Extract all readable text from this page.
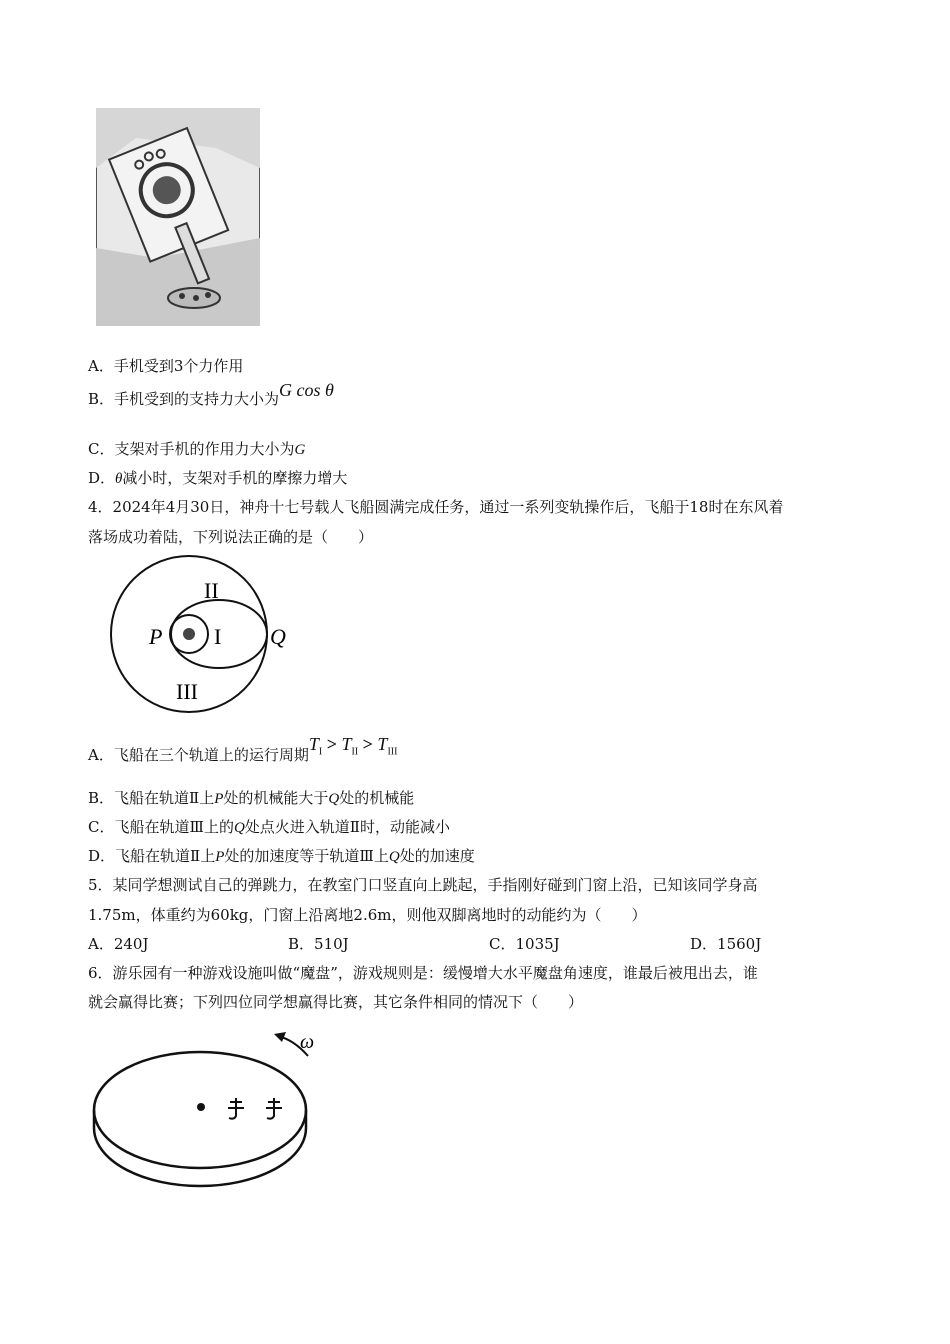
A．手机受到3个力作用
B．手机受到的支持力大小为G cos θ
C．支架对手机的作用力大小为G
D．θ减小时，支架对手机的摩擦力增大
4．2024年4月30日，神舟十七号载人飞船圆满完成任务，通过一系列变轨操作后，飞船于18时在东风着
落场成功着陆，下列说法正确的是（　　）
I
II
III
P	Q
A．飞船在三个轨道上的运行周期$T_I > T_{II} > T_{III}$
B．飞船在轨道Ⅱ上P处的机械能大于Q处的机械能
C．飞船在轨道Ⅲ上的Q处点火进入轨道Ⅱ时，动能减小
D．飞船在轨道Ⅱ上P处的加速度等于轨道Ⅲ上Q处的加速度
5．某同学想测试自己的弹跳力，在教室门口竖直向上跳起，手指刚好碰到门窗上沿，已知该同学身高
1.75m，体重约为60kg，门窗上沿离地2.6m，则他双脚离地时的动能约为（　　）
A．240J	B．510J	C．1035J	D．1560J
6．游乐园有一种游戏设施叫做“魔盘”，游戏规则是：缓慢增大水平魔盘角速度，谁最后被甩出去，谁
就会赢得比赛；下列四位同学想赢得比赛，其它条件相同的情况下（　　）
ω
